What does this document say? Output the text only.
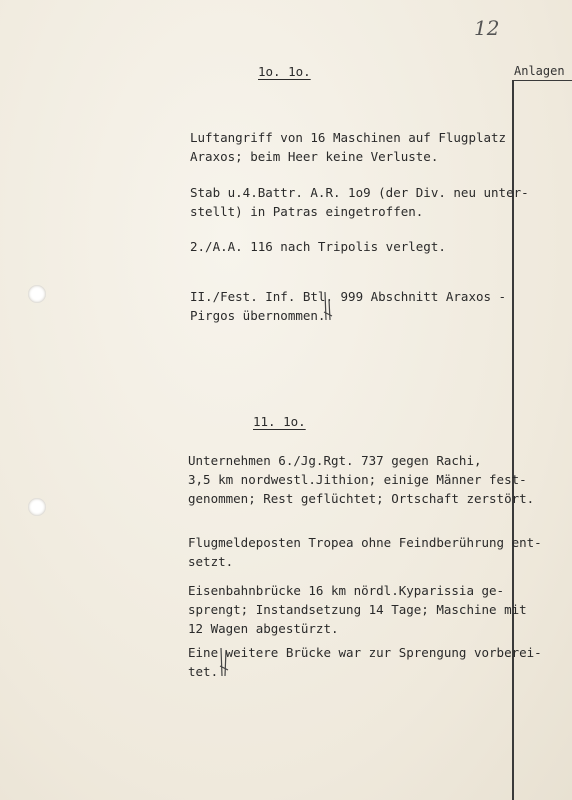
12
Anlagen
1o. 1o.
Luftangriff von 16 Maschinen auf Flugplatz
Araxos; beim Heer keine Verluste.
Stab u.4.Battr. A.R. 1o9 (der Div. neu unter-
stellt) in Patras eingetroffen.
2./A.A. 116 nach Tripolis verlegt.
II./Fest. Inf. Btl. 999 Abschnitt Araxos -
Pirgos übernommen.
11. 1o.
Unternehmen 6./Jg.Rgt. 737 gegen Rachi,
3,5 km nordwestl.Jithion; einige Männer fest-
genommen; Rest geflüchtet; Ortschaft zerstört.
Flugmeldeposten Tropea ohne Feindberührung ent-
setzt.
Eisenbahnbrücke 16 km nördl.Kyparissia ge-
sprengt; Instandsetzung 14 Tage; Maschine mit
12 Wagen abgestürzt.
Eine weitere Brücke war zur Sprengung vorberei-
tet.
